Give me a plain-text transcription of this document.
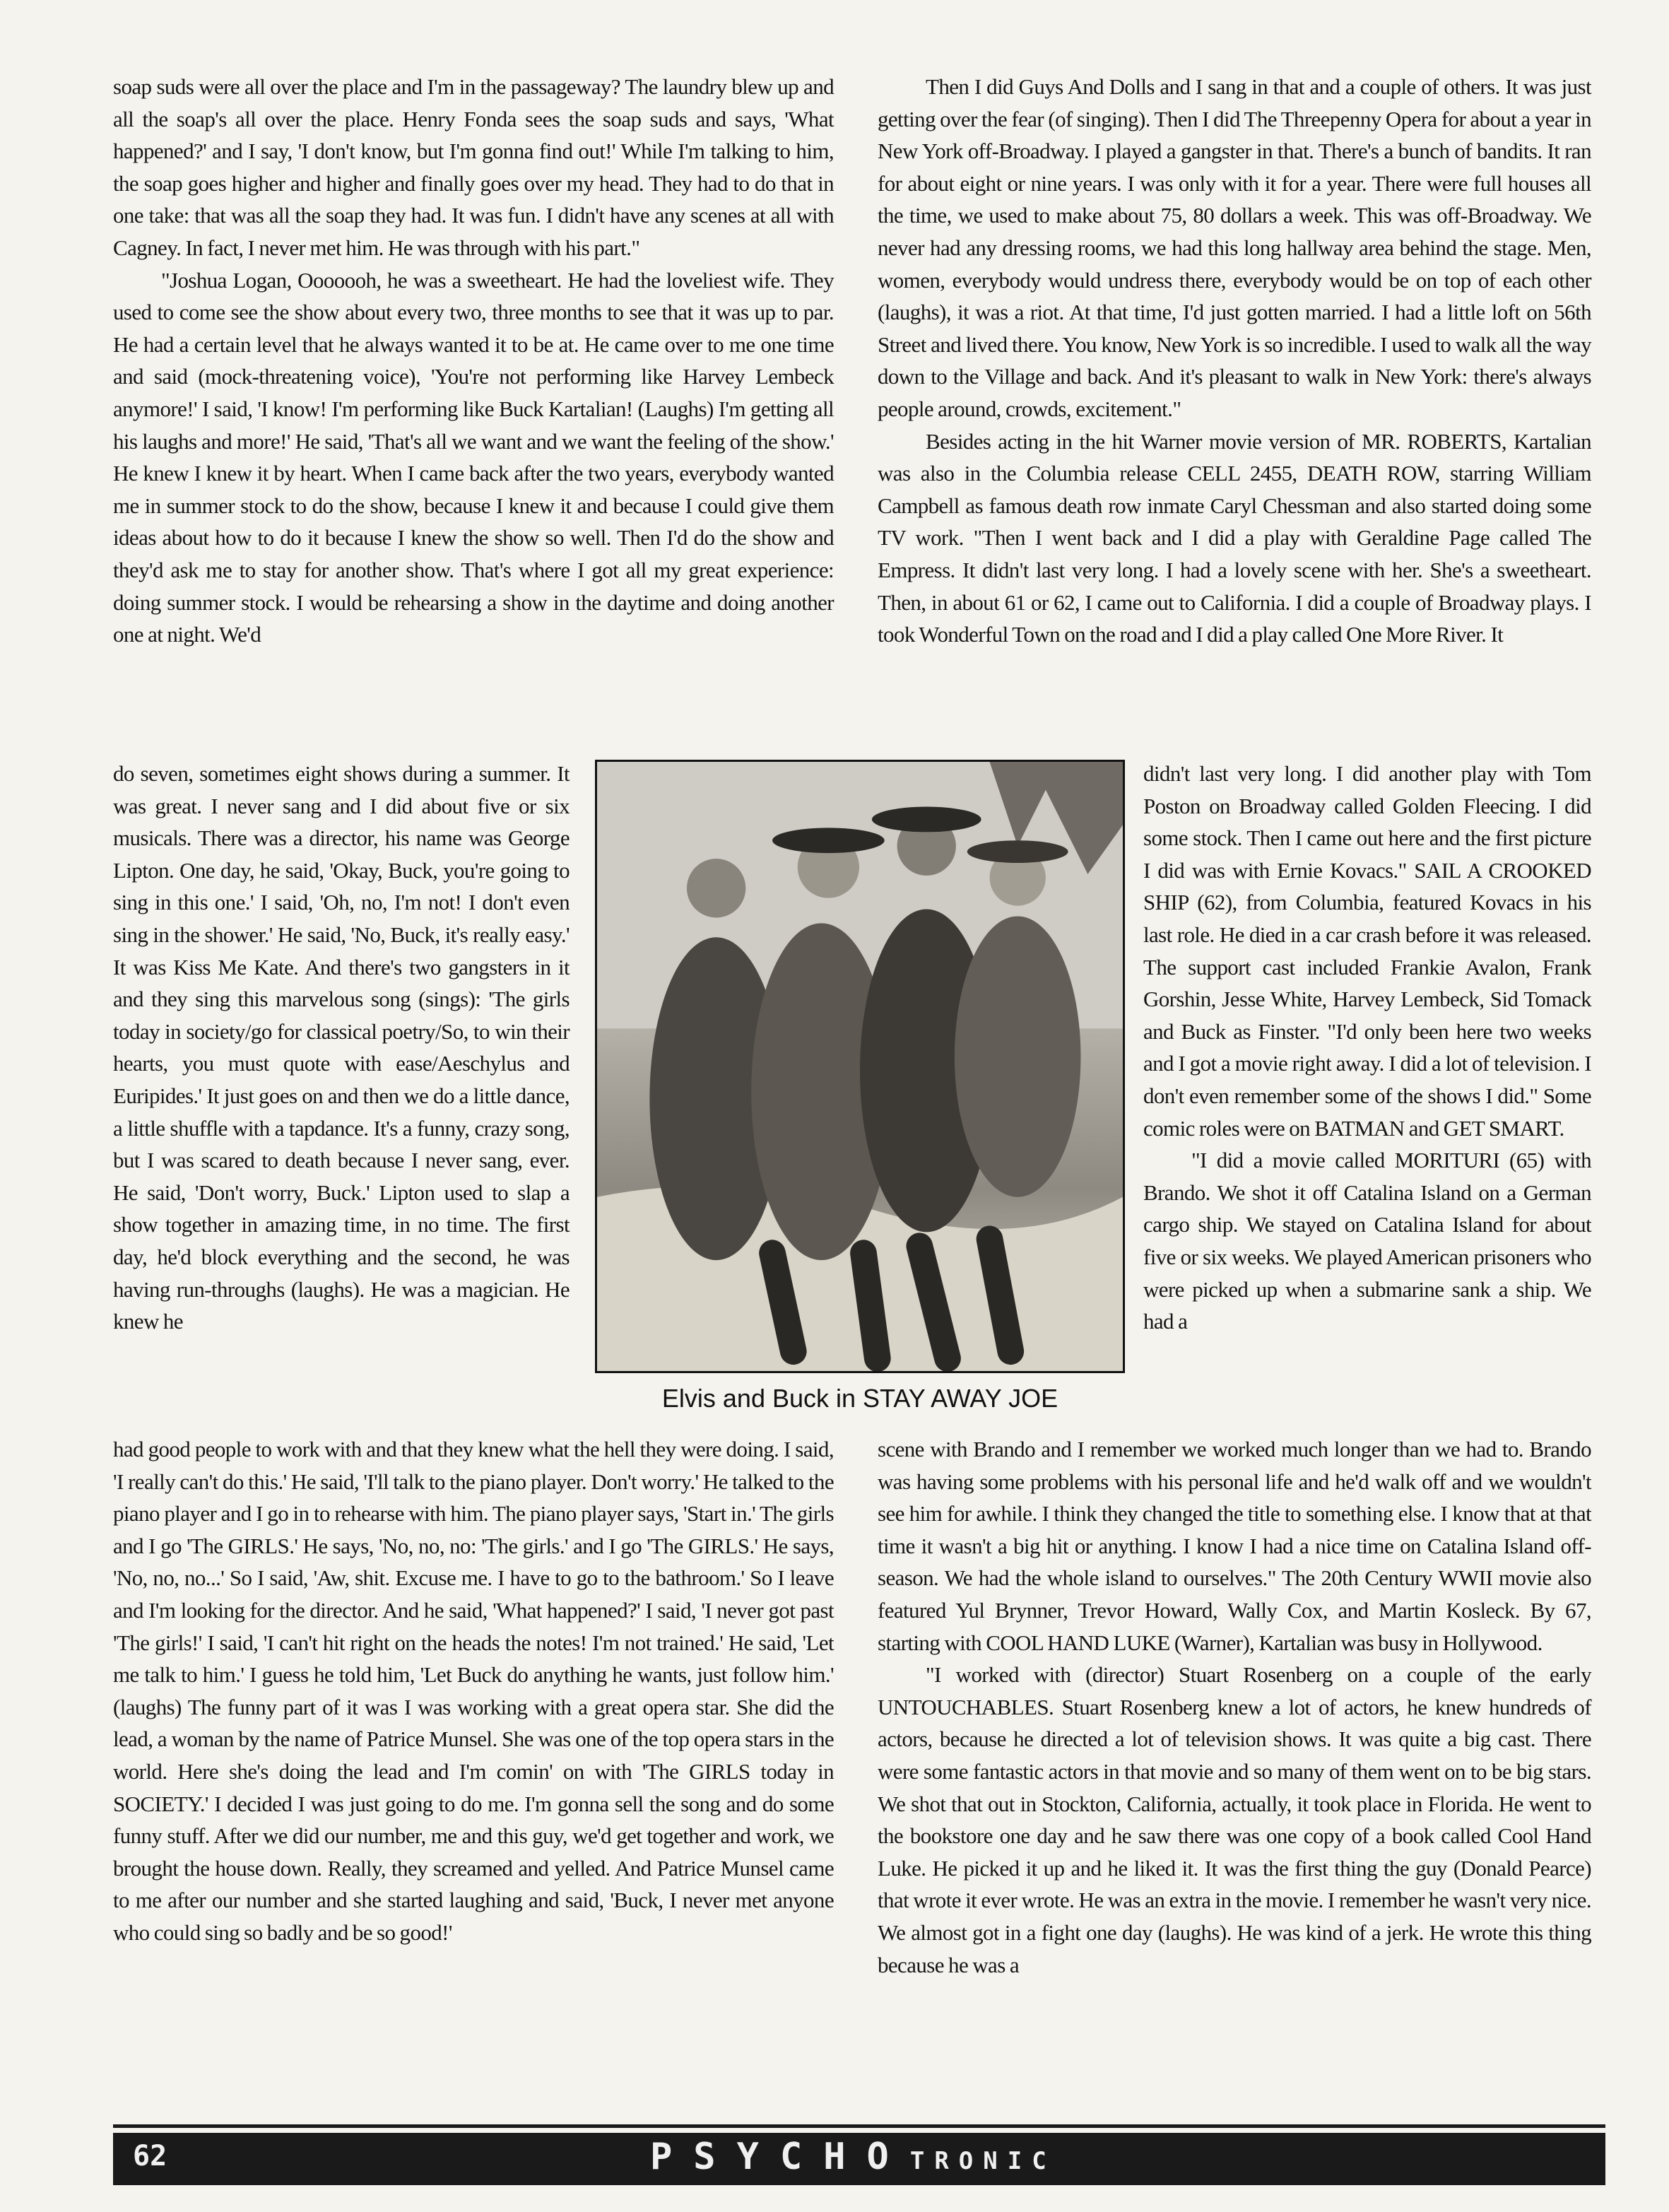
soap suds were all over the place and I'm in the passageway? The laundry blew up and all the soap's all over the place. Henry Fonda sees the soap suds and says, 'What happened?' and I say, 'I don't know, but I'm gonna find out!' While I'm talking to him, the soap goes higher and higher and finally goes over my head. They had to do that in one take: that was all the soap they had. It was fun. I didn't have any scenes at all with Cagney. In fact, I never met him. He was through with his part."

"Joshua Logan, Ooooooh, he was a sweetheart. He had the loveliest wife. They used to come see the show about every two, three months to see that it was up to par. He had a certain level that he always wanted it to be at. He came over to me one time and said (mock-threatening voice), 'You're not performing like Harvey Lembeck anymore!' I said, 'I know! I'm performing like Buck Kartalian! (Laughs) I'm getting all his laughs and more!' He said, 'That's all we want and we want the feeling of the show.' He knew I knew it by heart. When I came back after the two years, everybody wanted me in summer stock to do the show, because I knew it and because I could give them ideas about how to do it because I knew the show so well. Then I'd do the show and they'd ask me to stay for another show. That's where I got all my great experience: doing summer stock. I would be rehearsing a show in the daytime and doing another one at night. We'd

do seven, sometimes eight shows during a summer. It was great. I never sang and I did about five or six musicals. There was a director, his name was George Lipton. One day, he said, 'Okay, Buck, you're going to sing in this one.' I said, 'Oh, no, I'm not! I don't even sing in the shower.' He said, 'No, Buck, it's really easy.' It was Kiss Me Kate. And there's two gangsters in it and they sing this marvelous song (sings): 'The girls today in society/go for classical poetry/So, to win their hearts, you must quote with ease/Aeschylus and Euripides.' It just goes on and then we do a little dance, a little shuffle with a tapdance. It's a funny, crazy song, but I was scared to death because I never sang, ever. He said, 'Don't worry, Buck.' Lipton used to slap a show together in amazing time, in no time. The first day, he'd block everything and the second, he was having run-throughs (laughs). He was a magician. He knew he

had good people to work with and that they knew what the hell they were doing. I said, 'I really can't do this.' He said, 'I'll talk to the piano player. Don't worry.' He talked to the piano player and I go in to rehearse with him. The piano player says, 'Start in.' The girls and I go 'The GIRLS.' He says, 'No, no, no: 'The girls.' and I go 'The GIRLS.' He says, 'No, no, no...' So I said, 'Aw, shit. Excuse me. I have to go to the bathroom.' So I leave and I'm looking for the director. And he said, 'What happened?' I said, 'I never got past 'The girls!' I said, 'I can't hit right on the heads the notes! I'm not trained.' He said, 'Let me talk to him.' I guess he told him, 'Let Buck do anything he wants, just follow him.' (laughs) The funny part of it was I was working with a great opera star. She did the lead, a woman by the name of Patrice Munsel. She was one of the top opera stars in the world. Here she's doing the lead and I'm comin' on with 'The GIRLS today in SOCIETY.' I decided I was just going to do me. I'm gonna sell the song and do some funny stuff. After we did our number, me and this guy, we'd get together and work, we brought the house down. Really, they screamed and yelled. And Patrice Munsel came to me after our number and she started laughing and said, 'Buck, I never met anyone who could sing so badly and be so good!'

Then I did Guys And Dolls and I sang in that and a couple of others. It was just getting over the fear (of singing). Then I did The Threepenny Opera for about a year in New York off-Broadway. I played a gangster in that. There's a bunch of bandits. It ran for about eight or nine years. I was only with it for a year. There were full houses all the time, we used to make about 75, 80 dollars a week. This was off-Broadway. We never had any dressing rooms, we had this long hallway area behind the stage. Men, women, everybody would undress there, everybody would be on top of each other (laughs), it was a riot. At that time, I'd just gotten married. I had a little loft on 56th Street and lived there. You know, New York is so incredible. I used to walk all the way down to the Village and back. And it's pleasant to walk in New York: there's always people around, crowds, excitement."

Besides acting in the hit Warner movie version of MR. ROBERTS, Kartalian was also in the Columbia release CELL 2455, DEATH ROW, starring William Campbell as famous death row inmate Caryl Chessman and also started doing some TV work. "Then I went back and I did a play with Geraldine Page called The Empress. It didn't last very long. I had a lovely scene with her. She's a sweetheart. Then, in about 61 or 62, I came out to California. I did a couple of Broadway plays. I took Wonderful Town on the road and I did a play called One More River. It

didn't last very long. I did another play with Tom Poston on Broadway called Golden Fleecing. I did some stock. Then I came out here and the first picture I did was with Ernie Kovacs." SAIL A CROOKED SHIP (62), from Columbia, featured Kovacs in his last role. He died in a car crash before it was released. The support cast included Frankie Avalon, Frank Gorshin, Jesse White, Harvey Lembeck, Sid Tomack and Buck as Finster. "I'd only been here two weeks and I got a movie right away. I did a lot of television. I don't even remember some of the shows I did." Some comic roles were on BATMAN and GET SMART.

"I did a movie called MORITURI (65) with Brando. We shot it off Catalina Island on a German cargo ship. We stayed on Catalina Island for about five or six weeks. We played American prisoners who were picked up when a submarine sank a ship. We had a

scene with Brando and I remember we worked much longer than we had to. Brando was having some problems with his personal life and he'd walk off and we wouldn't see him for awhile. I think they changed the title to something else. I know that at that time it wasn't a big hit or anything. I know I had a nice time on Catalina Island off-season. We had the whole island to ourselves." The 20th Century WWII movie also featured Yul Brynner, Trevor Howard, Wally Cox, and Martin Kosleck. By 67, starting with COOL HAND LUKE (Warner), Kartalian was busy in Hollywood.

"I worked with (director) Stuart Rosenberg on a couple of the early UNTOUCHABLES. Stuart Rosenberg knew a lot of actors, he knew hundreds of actors, because he directed a lot of television shows. It was quite a big cast. There were some fantastic actors in that movie and so many of them went on to be big stars. We shot that out in Stockton, California, actually, it took place in Florida. He went to the bookstore one day and he saw there was one copy of a book called Cool Hand Luke. He picked it up and he liked it. It was the first thing the guy (Donald Pearce) that wrote it ever wrote. He was an extra in the movie. I remember he wasn't very nice. We almost got in a fight one day (laughs). He was kind of a jerk. He wrote this thing because he was a

Elvis and Buck in STAY AWAY JOE
62	PSYCHOTRONIC
